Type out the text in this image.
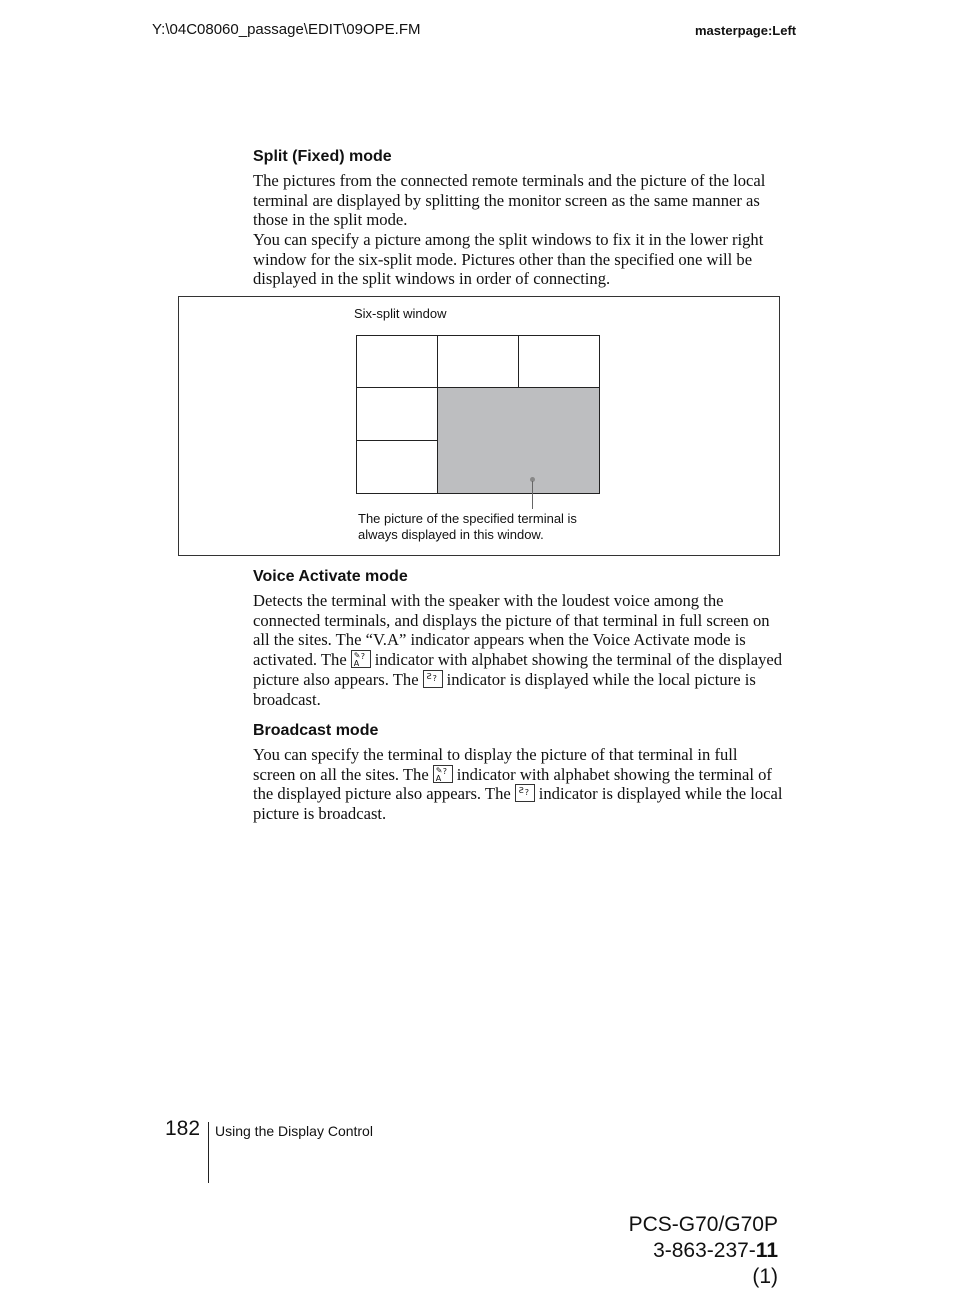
Y:\04C08060_passage\EDIT\09OPE.FM	masterpage:Left
Split (Fixed) mode
The pictures from the connected remote terminals and the picture of the local terminal are displayed by splitting the monitor screen as the same manner as those in the split mode.
You can specify a picture among the split windows to fix it in the lower right window for the six-split mode. Pictures other than the specified one will be displayed in the split windows in order of connecting.
Six-split window
The picture of the specified terminal is always displayed in this window.
Voice Activate mode
Detects the terminal with the speaker with the loudest voice among the connected terminals, and displays the picture of that terminal in full screen on all the sites. The “V.A” indicator appears when the Voice Activate mode is activated. The ✎ ?
A indicator with alphabet showing the terminal of the displayed picture also appears. The Ƨ ? indicator is displayed while the local picture is broadcast.
Broadcast mode
You can specify the terminal to display the picture of that terminal in full screen on all the sites. The ✎ ?
A indicator with alphabet showing the terminal of the displayed picture also appears. The Ƨ ? indicator is displayed while the local picture is broadcast.
182 Using the Display Control
PCS-G70/G70P
3-863-237-11 (1)
